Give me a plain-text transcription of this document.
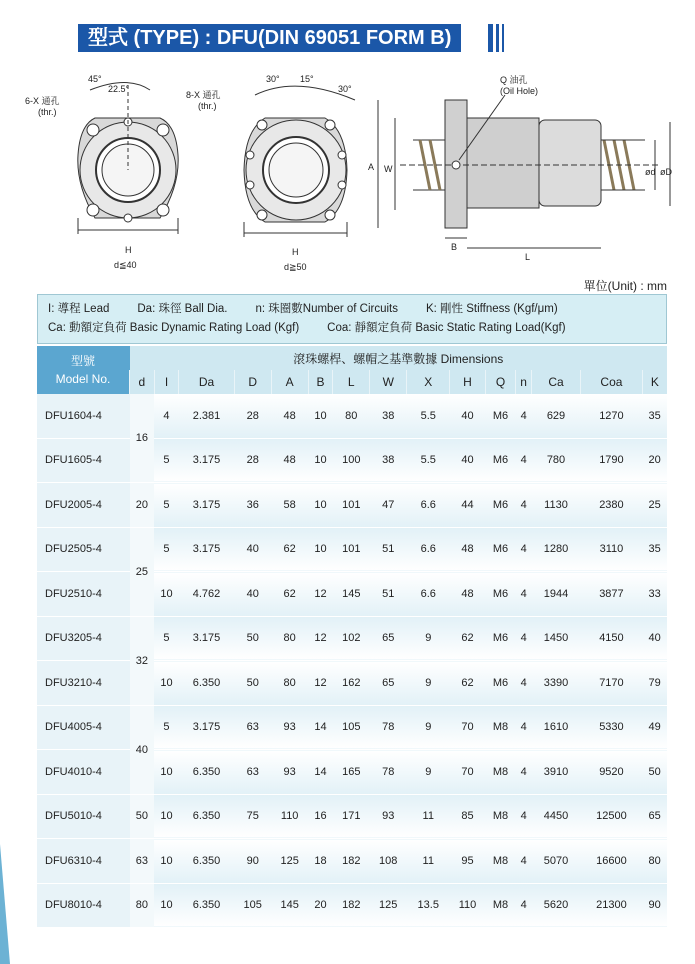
型式 (TYPE) : DFU(DIN 69051 FORM B)
45°
22.5°
6-X 通孔
(thr.)
H
d≦40
30° 15°
30°
8-X 通孔
(thr.)
H
d≧50
Q 油孔
(Oil Hole)
A W
B
L
ød øD
單位(Unit) : mm
I: 導程 Lead Da: 珠徑 Ball Dia. n: 珠圈數Number of Circuits K: 剛性 Stiffness (Kgf/μm)
Ca: 動額定負荷 Basic Dynamic Rating Load (Kgf) Coa: 靜額定負荷 Basic Static Rating Load(Kgf)
型號
Model No.	滾珠螺桿、螺帽之基準數據 Dimensions														
	d	I	Da	D	A	B	L	W	X	H	Q	n	Ca	Coa	K
DFU1604-4	16	4	2.381	28	48	10	80	38	5.5	40	M6	4	629	1270	35
DFU1605-4		5	3.175	28	48	10	100	38	5.5	40	M6	4	780	1790	20
DFU2005-4	20	5	3.175	36	58	10	101	47	6.6	44	M6	4	1130	2380	25
DFU2505-4	25	5	3.175	40	62	10	101	51	6.6	48	M6	4	1280	3110	35
DFU2510-4		10	4.762	40	62	12	145	51	6.6	48	M6	4	1944	3877	33
DFU3205-4	32	5	3.175	50	80	12	102	65	9	62	M6	4	1450	4150	40
DFU3210-4		10	6.350	50	80	12	162	65	9	62	M6	4	3390	7170	79
DFU4005-4	40	5	3.175	63	93	14	105	78	9	70	M8	4	1610	5330	49
DFU4010-4		10	6.350	63	93	14	165	78	9	70	M8	4	3910	9520	50
DFU5010-4	50	10	6.350	75	110	16	171	93	11	85	M8	4	4450	12500	65
DFU6310-4	63	10	6.350	90	125	18	182	108	11	95	M8	4	5070	16600	80
DFU8010-4	80	10	6.350	105	145	20	182	125	13.5	110	M8	4	5620	21300	90
